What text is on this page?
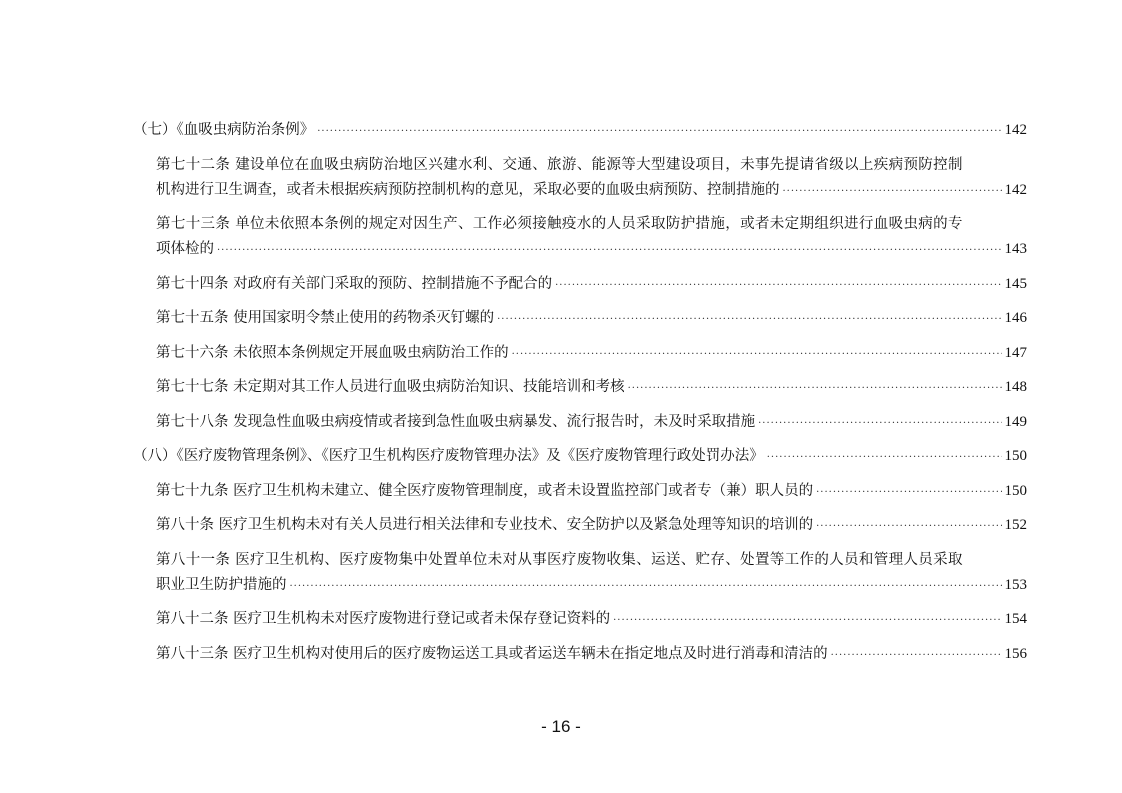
（七）《血吸虫病防治条例》 ·····	142
第七十二条 建设单位在血吸虫病防治地区兴建水利、交通、旅游、能源等大型建设项目，未事先提请省级以上疾病预防控制
机构进行卫生调查，或者未根据疾病预防控制机构的意见，采取必要的血吸虫病预防、控制措施的 ·····	142
第七十三条 单位未依照本条例的规定对因生产、工作必须接触疫水的人员采取防护措施，或者未定期组织进行血吸虫病的专
项体检的 ·····	143
第七十四条 对政府有关部门采取的预防、控制措施不予配合的 ·····	145
第七十五条 使用国家明令禁止使用的药物杀灭钉螺的 ·····	146
第七十六条 未依照本条例规定开展血吸虫病防治工作的 ·····	147
第七十七条 未定期对其工作人员进行血吸虫病防治知识、技能培训和考核 ·····	148
第七十八条 发现急性血吸虫病疫情或者接到急性血吸虫病暴发、流行报告时，未及时采取措施 ·····	149
（八）《医疗废物管理条例》、《医疗卫生机构医疗废物管理办法》及《医疗废物管理行政处罚办法》 ·····	150
第七十九条 医疗卫生机构未建立、健全医疗废物管理制度，或者未设置监控部门或者专（兼）职人员的 ·····	150
第八十条 医疗卫生机构未对有关人员进行相关法律和专业技术、安全防护以及紧急处理等知识的培训的 ·····	152
第八十一条 医疗卫生机构、医疗废物集中处置单位未对从事医疗废物收集、运送、贮存、处置等工作的人员和管理人员采取
职业卫生防护措施的 ·····	153
第八十二条 医疗卫生机构未对医疗废物进行登记或者未保存登记资料的 ·····	154
第八十三条 医疗卫生机构对使用后的医疗废物运送工具或者运送车辆未在指定地点及时进行消毒和清洁的 ·····	156
- 16 -
